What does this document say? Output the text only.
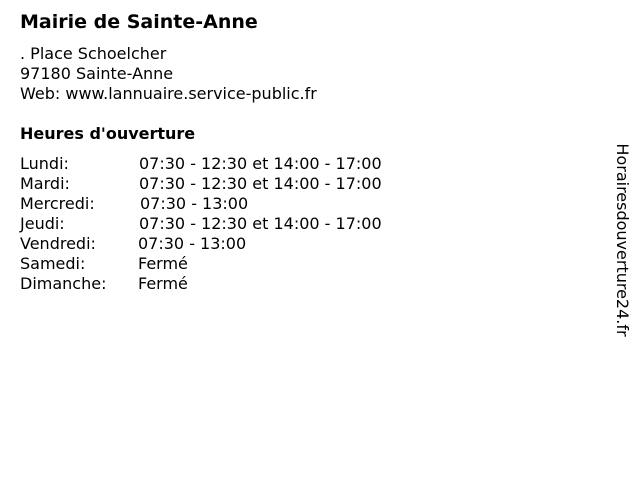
Mairie de Sainte-Anne
. Place Schoelcher
97180 Sainte-Anne
Web: www.lannuaire.service-public.fr
Heures d'ouverture
Lundi:	07:30 - 12:30 et 14:00 - 17:00
Mardi:	07:30 - 12:30 et 14:00 - 17:00
Mercredi:	07:30 - 13:00
Jeudi:	07:30 - 12:30 et 14:00 - 17:00
Vendredi:	07:30 - 13:00
Samedi:	Fermé
Dimanche: Fermé	Horairesdouverture24.fr
